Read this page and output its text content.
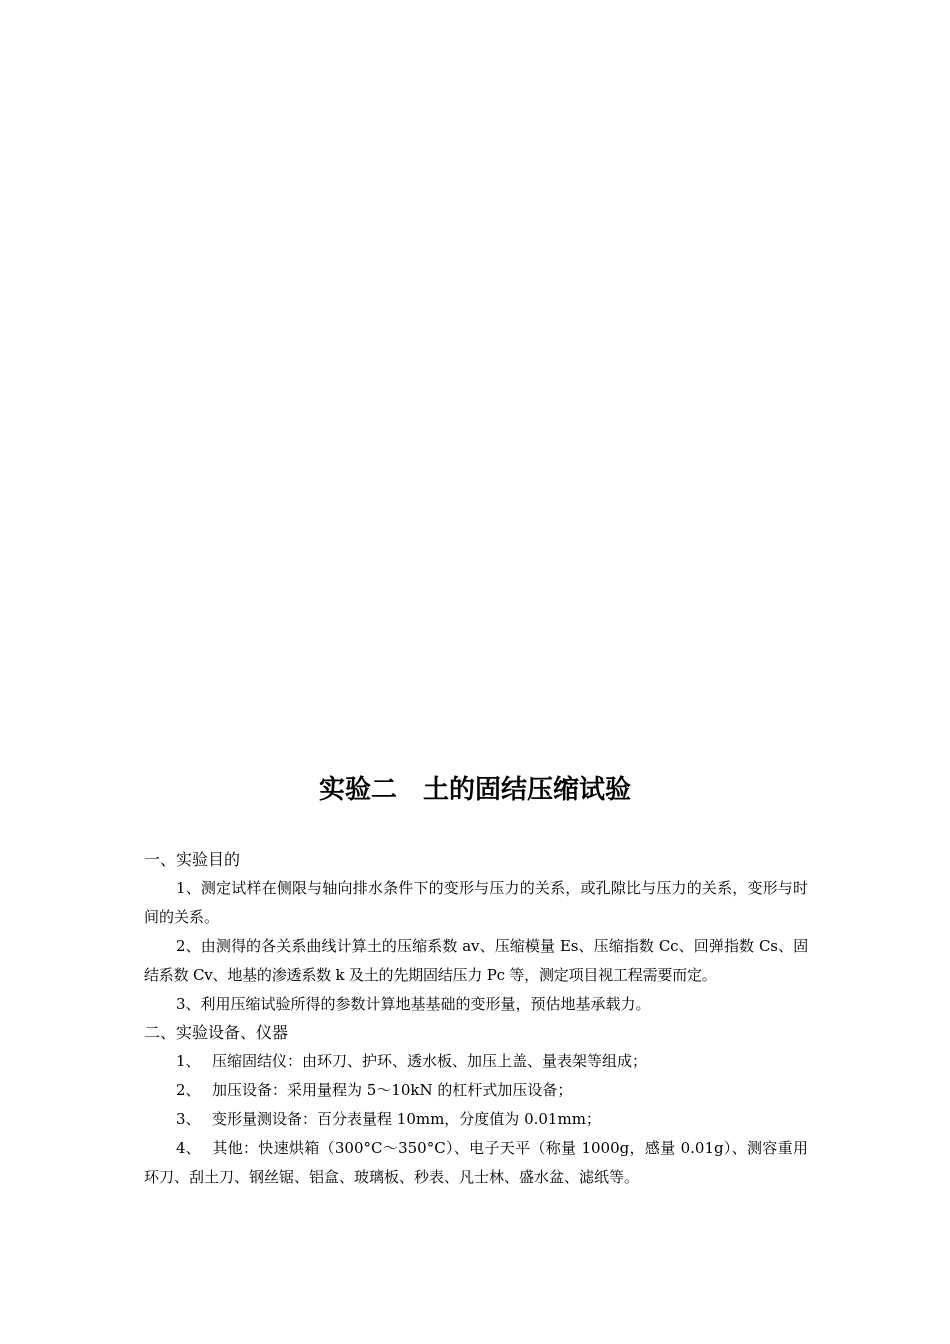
实验二　土的固结压缩试验
一、实验目的

1、测定试样在侧限与轴向排水条件下的变形与压力的关系，或孔隙比与压力的关系，变形与时间的关系。

2、由测得的各关系曲线计算土的压缩系数 av、压缩模量 Es、压缩指数 Cc、回弹指数 Cs、固结系数 Cv、地基的渗透系数 k 及土的先期固结压力 Pc 等，测定项目视工程需要而定。

3、利用压缩试验所得的参数计算地基基础的变形量，预估地基承载力。

二、实验设备、仪器

1、 压缩固结仪：由环刀、护环、透水板、加压上盖、量表架等组成；

2、 加压设备：采用量程为 5～10kN 的杠杆式加压设备；

3、 变形量测设备：百分表量程 10mm，分度值为 0.01mm；

4、 其他：快速烘箱（300°C～350°C）、电子天平（称量 1000g，感量 0.01g）、测容重用环刀、刮土刀、钢丝锯、铝盒、玻璃板、秒表、凡士林、盛水盆、滤纸等。
